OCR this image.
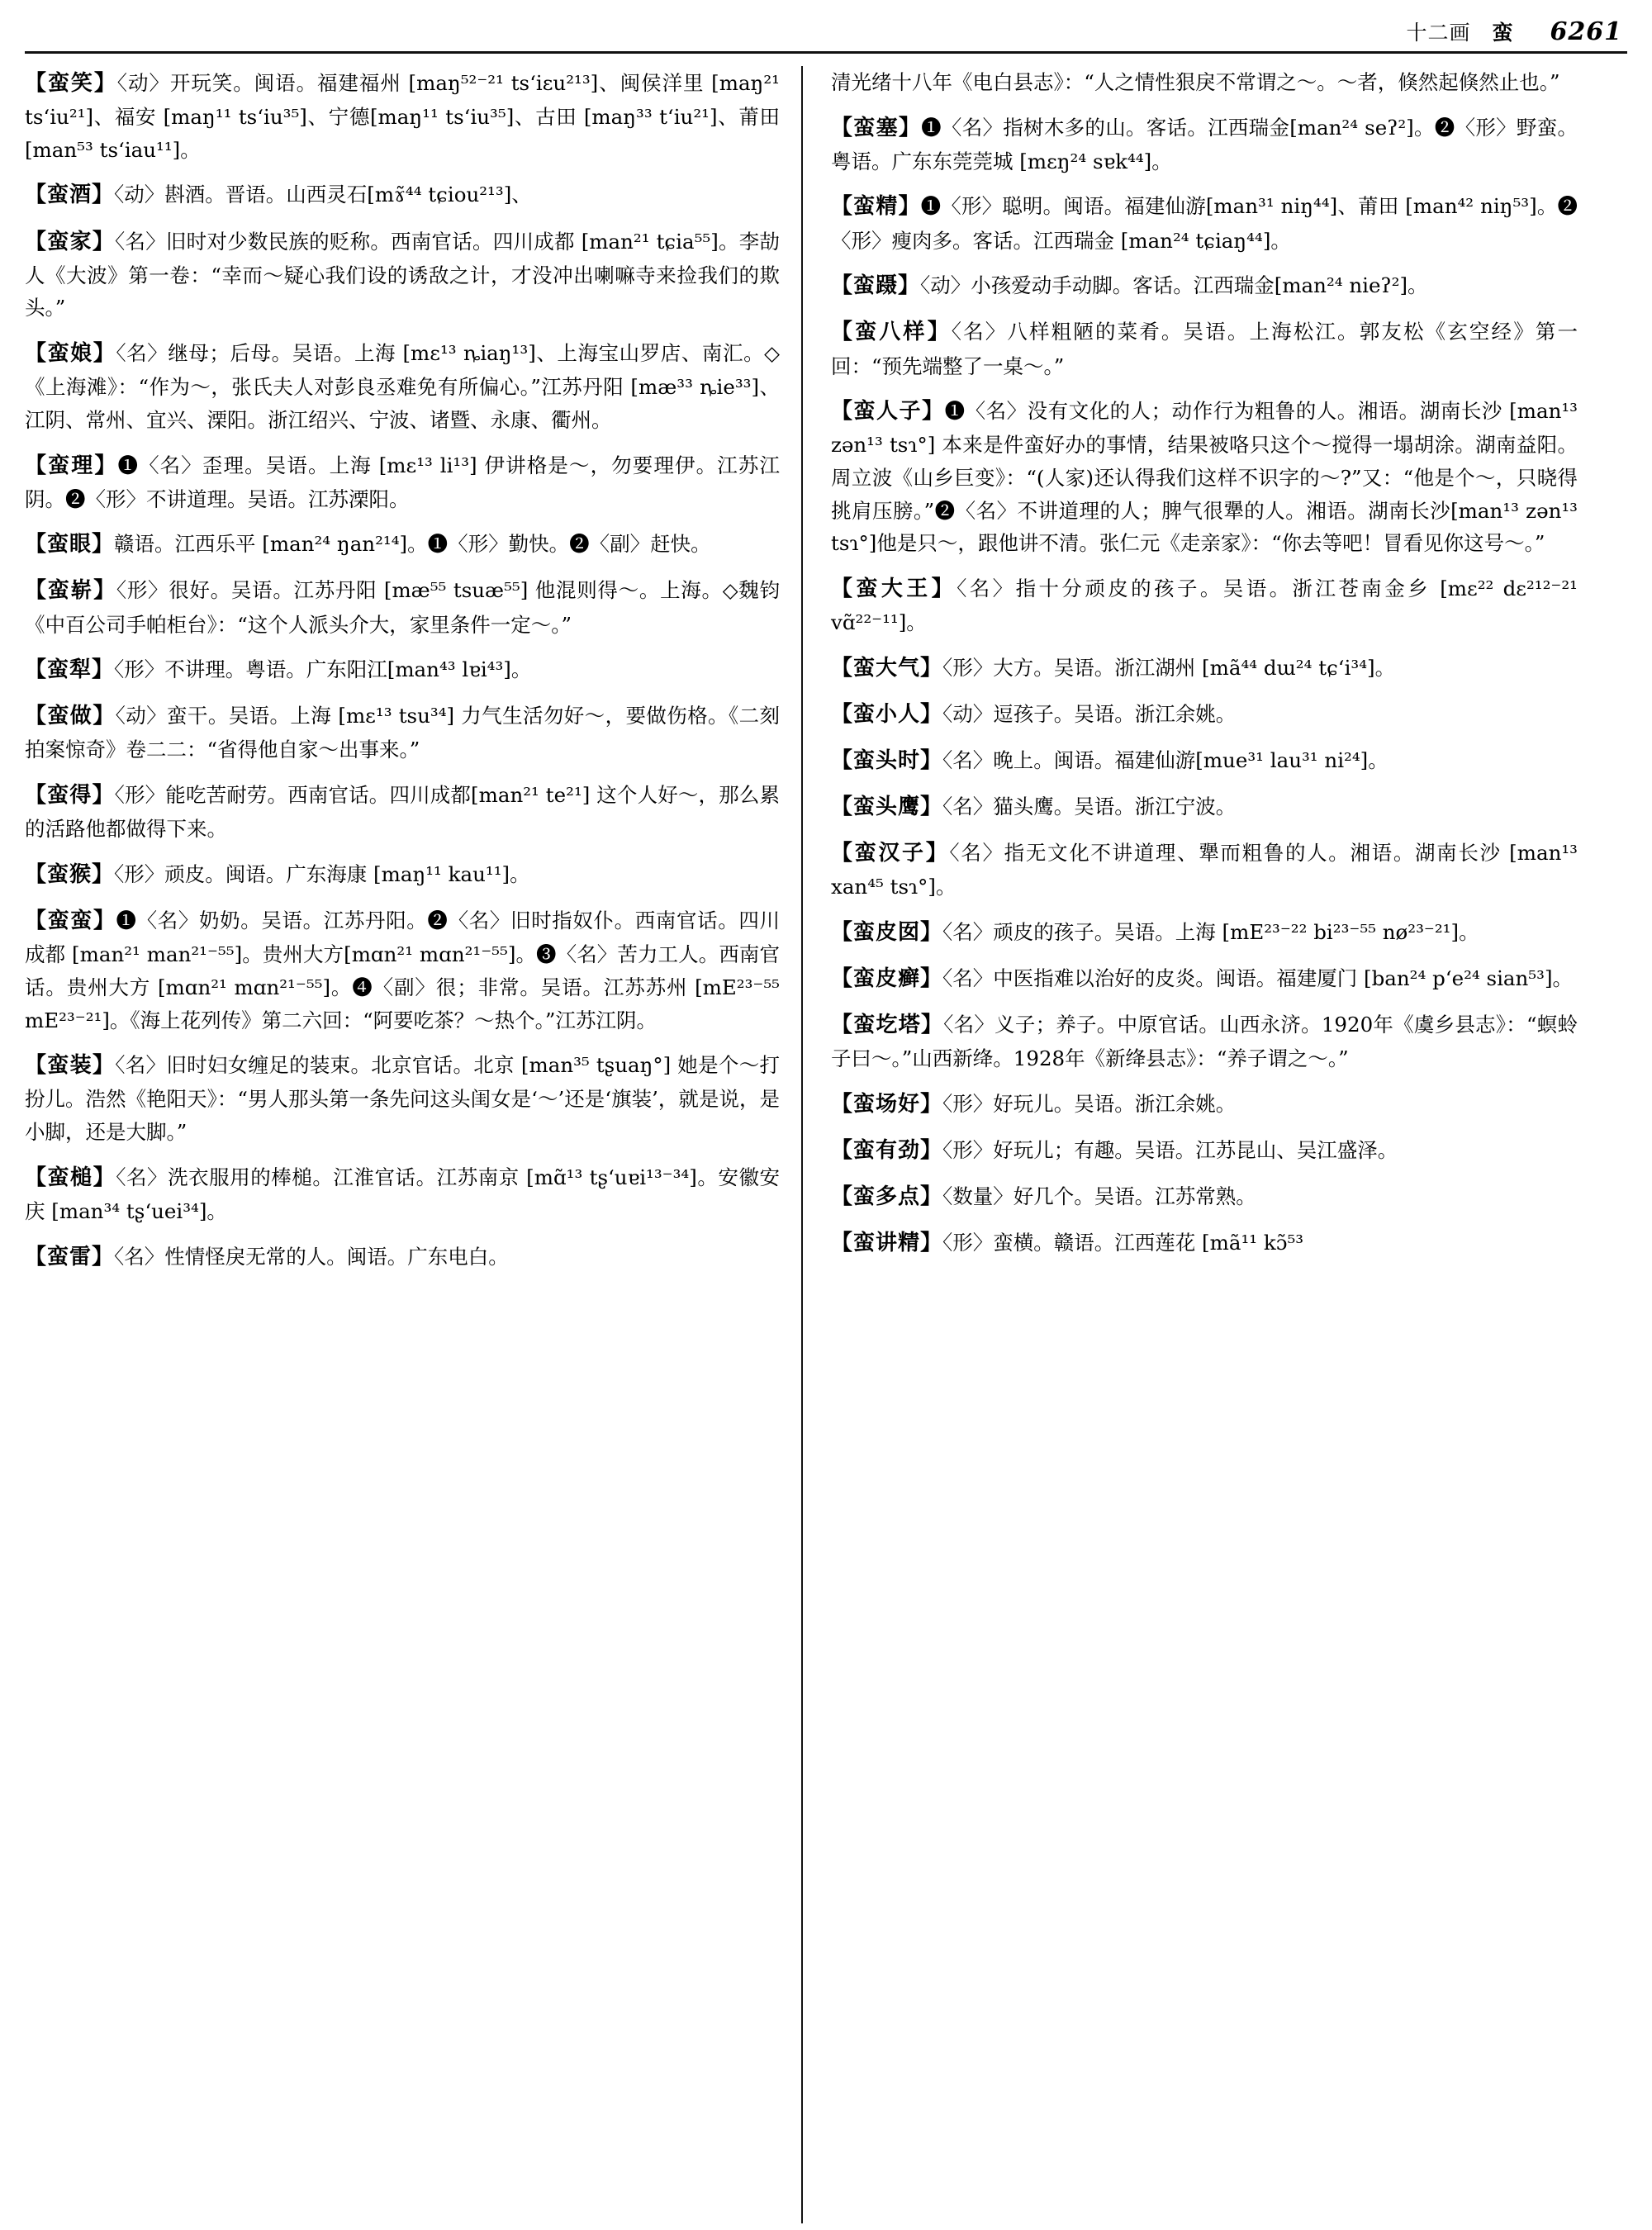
十二画 蛮 6261
【蛮笑】〈动〉开玩笑。闽语。福建福州 [maŋ⁵²⁻²¹ tsʻiɛu²¹³]、闽侯洋里 [maŋ²¹ tsʻiu²¹]、福安 [maŋ¹¹ tsʻiu³⁵]、宁德[maŋ¹¹ tsʻiu³⁵]、古田 [maŋ³³ tʻiu²¹]、莆田 [man⁵³ tsʻiau¹¹]。
【蛮酒】〈动〉斟酒。晋语。山西灵石[mɤ̃⁴⁴ tɕiou²¹³]、
【蛮家】〈名〉旧时对少数民族的贬称。西南官话。四川成都 [man²¹ tɕia⁵⁵]。李劼人《大波》第一卷：“幸而～疑心我们设的诱敌之计，才没冲出喇嘛寺来捡我们的欺头。”
【蛮娘】〈名〉继母；后母。吴语。上海 [mɛ¹³ ȵiaŋ¹³]、上海宝山罗店、南汇。◇《上海滩》：“作为～，张氏夫人对彭良丞难免有所偏心。”江苏丹阳 [mæ³³ ȵie³³]、江阴、常州、宜兴、溧阳。浙江绍兴、宁波、诸暨、永康、衢州。
【蛮理】❶〈名〉歪理。吴语。上海 [mɛ¹³ li¹³] 伊讲格是～，勿要理伊。江苏江阴。❷〈形〉不讲道理。吴语。江苏溧阳。
【蛮眼】赣语。江西乐平 [man²⁴ ŋan²¹⁴]。❶〈形〉勤快。❷〈副〉赶快。
【蛮崭】〈形〉很好。吴语。江苏丹阳 [mæ⁵⁵ tsuæ⁵⁵] 他混则得～。上海。◇魏钧《中百公司手帕柜台》：“这个人派头介大，家里条件一定～。”
【蛮犁】〈形〉不讲理。粤语。广东阳江[man⁴³ lɐi⁴³]。
【蛮做】〈动〉蛮干。吴语。上海 [mɛ¹³ tsu³⁴] 力气生活勿好～，要做伤格。《二刻拍案惊奇》卷二二：“省得他自家～出事来。”
【蛮得】〈形〉能吃苦耐劳。西南官话。四川成都[man²¹ te²¹] 这个人好～，那么累的活路他都做得下来。
【蛮猴】〈形〉顽皮。闽语。广东海康 [maŋ¹¹ kau¹¹]。
【蛮蛮】❶〈名〉奶奶。吴语。江苏丹阳。❷〈名〉旧时指奴仆。西南官话。四川成都 [man²¹ man²¹⁻⁵⁵]。贵州大方[mɑn²¹ mɑn²¹⁻⁵⁵]。❸〈名〉苦力工人。西南官话。贵州大方 [mɑn²¹ mɑn²¹⁻⁵⁵]。❹〈副〉很；非常。吴语。江苏苏州 [mE²³⁻⁵⁵ mE²³⁻²¹]。《海上花列传》第二六回：“阿要吃茶？～热个。”江苏江阴。
【蛮装】〈名〉旧时妇女缠足的装束。北京官话。北京 [man³⁵ tʂuaŋ°] 她是个～打扮儿。浩然《艳阳天》：“男人那头第一条先问这头闺女是‘～’还是‘旗装’，就是说，是小脚，还是大脚。”
【蛮槌】〈名〉洗衣服用的棒槌。江淮官话。江苏南京 [mɑ̃¹³ tʂʻuɐi¹³⁻³⁴]。安徽安庆 [man³⁴ tʂʻuei³⁴]。
【蛮雷】〈名〉性情怪戾无常的人。闽语。广东电白。
清光绪十八年《电白县志》：“人之情性狠戾不常谓之～。～者，倏然起倏然止也。”
【蛮塞】❶〈名〉指树木多的山。客话。江西瑞金[man²⁴ seʔ²]。❷〈形〉野蛮。粤语。广东东莞莞城 [mɛŋ²⁴ sɐk⁴⁴]。
【蛮精】❶〈形〉聪明。闽语。福建仙游[man³¹ niŋ⁴⁴]、莆田 [man⁴² niŋ⁵³]。❷〈形〉瘦肉多。客话。江西瑞金 [man²⁴ tɕiaŋ⁴⁴]。
【蛮蹑】〈动〉小孩爱动手动脚。客话。江西瑞金[man²⁴ nieʔ²]。
【蛮八样】〈名〉八样粗陋的菜肴。吴语。上海松江。郭友松《玄空经》第一回：“预先端整了一桌～。”
【蛮人子】❶〈名〉没有文化的人；动作行为粗鲁的人。湘语。湖南长沙 [man¹³ zən¹³ tsɿ°] 本来是件蛮好办的事情，结果被咯只这个～搅得一塌胡涂。湖南益阳。周立波《山乡巨变》：“(人家)还认得我们这样不识字的～?”又：“他是个～，只晓得挑肩压膀。”❷〈名〉不讲道理的人；脾气很犟的人。湘语。湖南长沙[man¹³ zən¹³ tsɿ°]他是只～，跟他讲不清。张仁元《走亲家》：“你去等吧！冒看见你这号～。”
【蛮大王】〈名〉指十分顽皮的孩子。吴语。浙江苍南金乡 [mɛ²² dɛ²¹²⁻²¹ vɑ̃²²⁻¹¹]。
【蛮大气】〈形〉大方。吴语。浙江湖州 [mã⁴⁴ dɯ²⁴ tɕʻi³⁴]。
【蛮小人】〈动〉逗孩子。吴语。浙江余姚。
【蛮头时】〈名〉晚上。闽语。福建仙游[mue³¹ lau³¹ ni²⁴]。
【蛮头鹰】〈名〉猫头鹰。吴语。浙江宁波。
【蛮汉子】〈名〉指无文化不讲道理、犟而粗鲁的人。湘语。湖南长沙 [man¹³ xan⁴⁵ tsɿ°]。
【蛮皮囡】〈名〉顽皮的孩子。吴语。上海 [mE²³⁻²² bi²³⁻⁵⁵ nø²³⁻²¹]。
【蛮皮癣】〈名〉中医指难以治好的皮炎。闽语。福建厦门 [ban²⁴ pʻe²⁴ sian⁵³]。
【蛮圪塔】〈名〉义子；养子。中原官话。山西永济。1920年《虞乡县志》：“螟蛉子曰～。”山西新绛。1928年《新绛县志》：“养子谓之～。”
【蛮场好】〈形〉好玩儿。吴语。浙江余姚。
【蛮有劲】〈形〉好玩儿；有趣。吴语。江苏昆山、吴江盛泽。
【蛮多点】〈数量〉好几个。吴语。江苏常熟。
【蛮讲精】〈形〉蛮横。赣语。江西莲花 [mã¹¹ kɔ̃⁵³
